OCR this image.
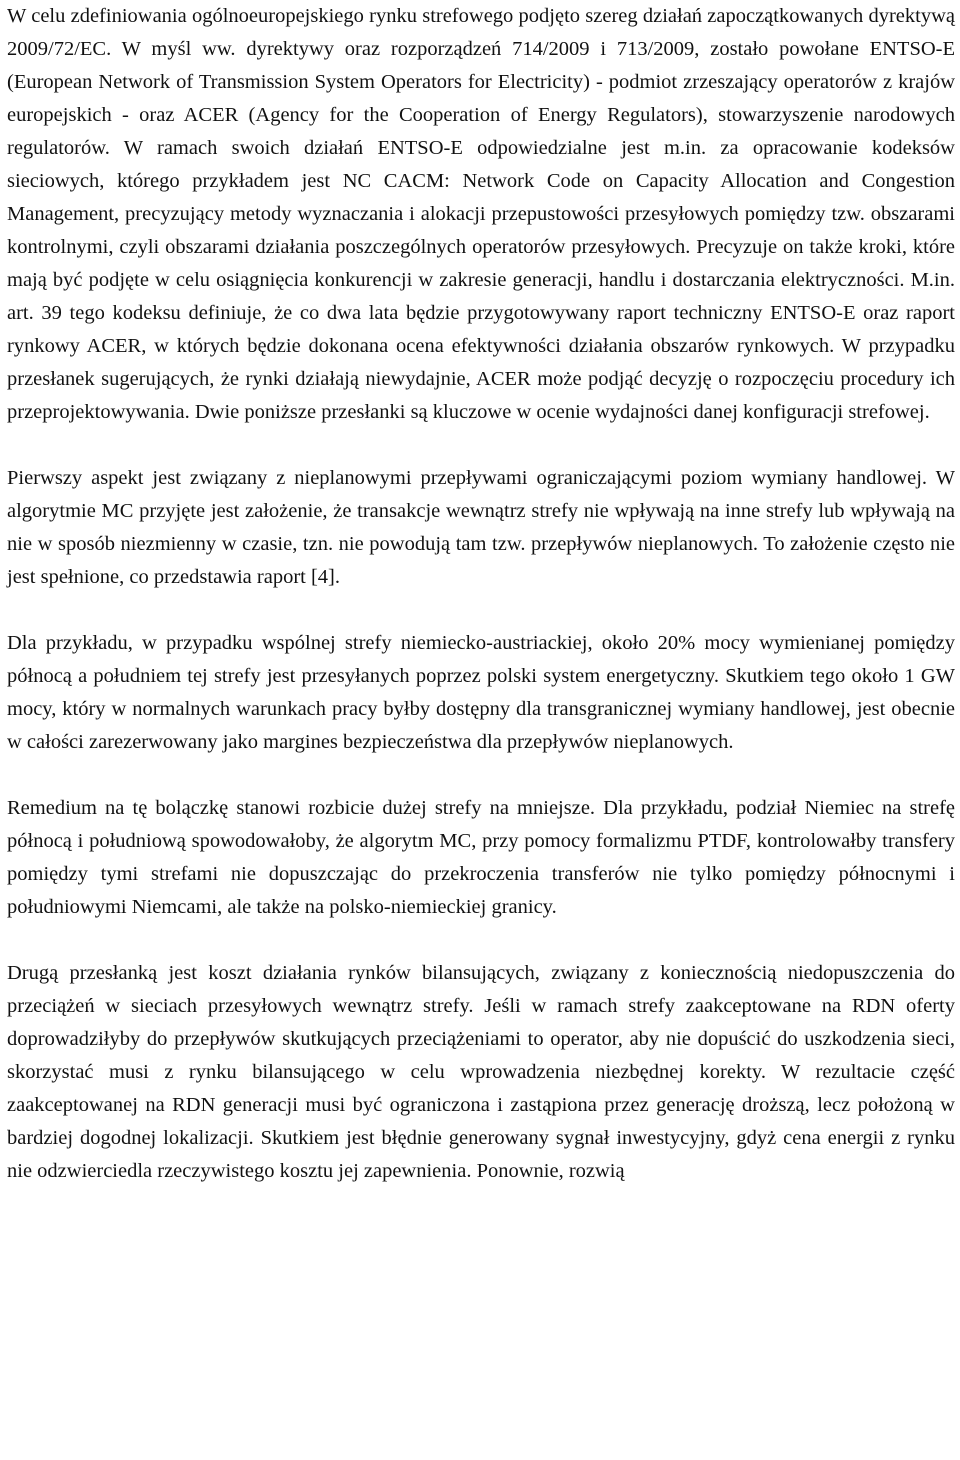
W celu zdefiniowania ogólnoeuropejskiego rynku strefowego podjęto szereg działań zapoczątkowanych dyrektywą 2009/72/EC. W myśl ww. dyrektywy oraz rozporządzeń 714/2009 i 713/2009, zostało powołane ENTSO-E (European Network of Transmission System Operators for Electricity) - podmiot zrzeszający operatorów z krajów europejskich - oraz ACER (Agency for the Cooperation of Energy Regulators), stowarzyszenie narodowych regulatorów. W ramach swoich działań ENTSO-E odpowiedzialne jest m.in. za opracowanie kodeksów sieciowych, którego przykładem jest NC CACM: Network Code on Capacity Allocation and Congestion Management, precyzujący metody wyznaczania i alokacji przepustowości przesyłowych pomiędzy tzw. obszarami kontrolnymi, czyli obszarami działania poszczególnych operatorów przesyłowych. Precyzuje on także kroki, które mają być podjęte w celu osiągnięcia konkurencji w zakresie generacji, handlu i dostarczania elektryczności. M.in. art. 39 tego kodeksu definiuje, że co dwa lata będzie przygotowywany raport techniczny ENTSO-E oraz raport rynkowy ACER, w których będzie dokonana ocena efektywności działania obszarów rynkowych. W przypadku przesłanek sugerujących, że rynki działają niewydajnie, ACER może podjąć decyzję o rozpoczęciu procedury ich przeprojektowywania. Dwie poniższe przesłanki są kluczowe w ocenie wydajności danej konfiguracji strefowej.

Pierwszy aspekt jest związany z nieplanowymi przepływami ograniczającymi poziom wymiany handlowej. W algorytmie MC przyjęte jest założenie, że transakcje wewnątrz strefy nie wpływają na inne strefy lub wpływają na nie w sposób niezmienny w czasie, tzn. nie powodują tam tzw. przepływów nieplanowych. To założenie często nie jest spełnione, co przedstawia raport [4].

Dla przykładu, w przypadku wspólnej strefy niemiecko-austriackiej, około 20% mocy wymienianej pomiędzy północą a południem tej strefy jest przesyłanych poprzez polski system energetyczny. Skutkiem tego około 1 GW mocy, który w normalnych warunkach pracy byłby dostępny dla transgranicznej wymiany handlowej, jest obecnie w całości zarezerwowany jako margines bezpieczeństwa dla przepływów nieplanowych.

Remedium na tę bolączkę stanowi rozbicie dużej strefy na mniejsze. Dla przykładu, podział Niemiec na strefę północą i południową spowodowałoby, że algorytm MC, przy pomocy formalizmu PTDF, kontrolowałby transfery pomiędzy tymi strefami nie dopuszczając do przekroczenia transferów nie tylko pomiędzy północnymi i południowymi Niemcami, ale także na polsko-niemieckiej granicy.

Drugą przesłanką jest koszt działania rynków bilansujących, związany z koniecznością niedopuszczenia do przeciążeń w sieciach przesyłowych wewnątrz strefy. Jeśli w ramach strefy zaakceptowane na RDN oferty doprowadziłyby do przepływów skutkujących przeciążeniami to operator, aby nie dopuścić do uszkodzenia sieci, skorzystać musi z rynku bilansującego w celu wprowadzenia niezbędnej korekty. W rezultacie część zaakceptowanej na RDN generacji musi być ograniczona i zastąpiona przez generację droższą, lecz położoną w bardziej dogodnej lokalizacji. Skutkiem jest błędnie generowany sygnał inwestycyjny, gdyż cena energii z rynku nie odzwierciedla rzeczywistego kosztu jej zapewnienia. Ponownie, rozwią
